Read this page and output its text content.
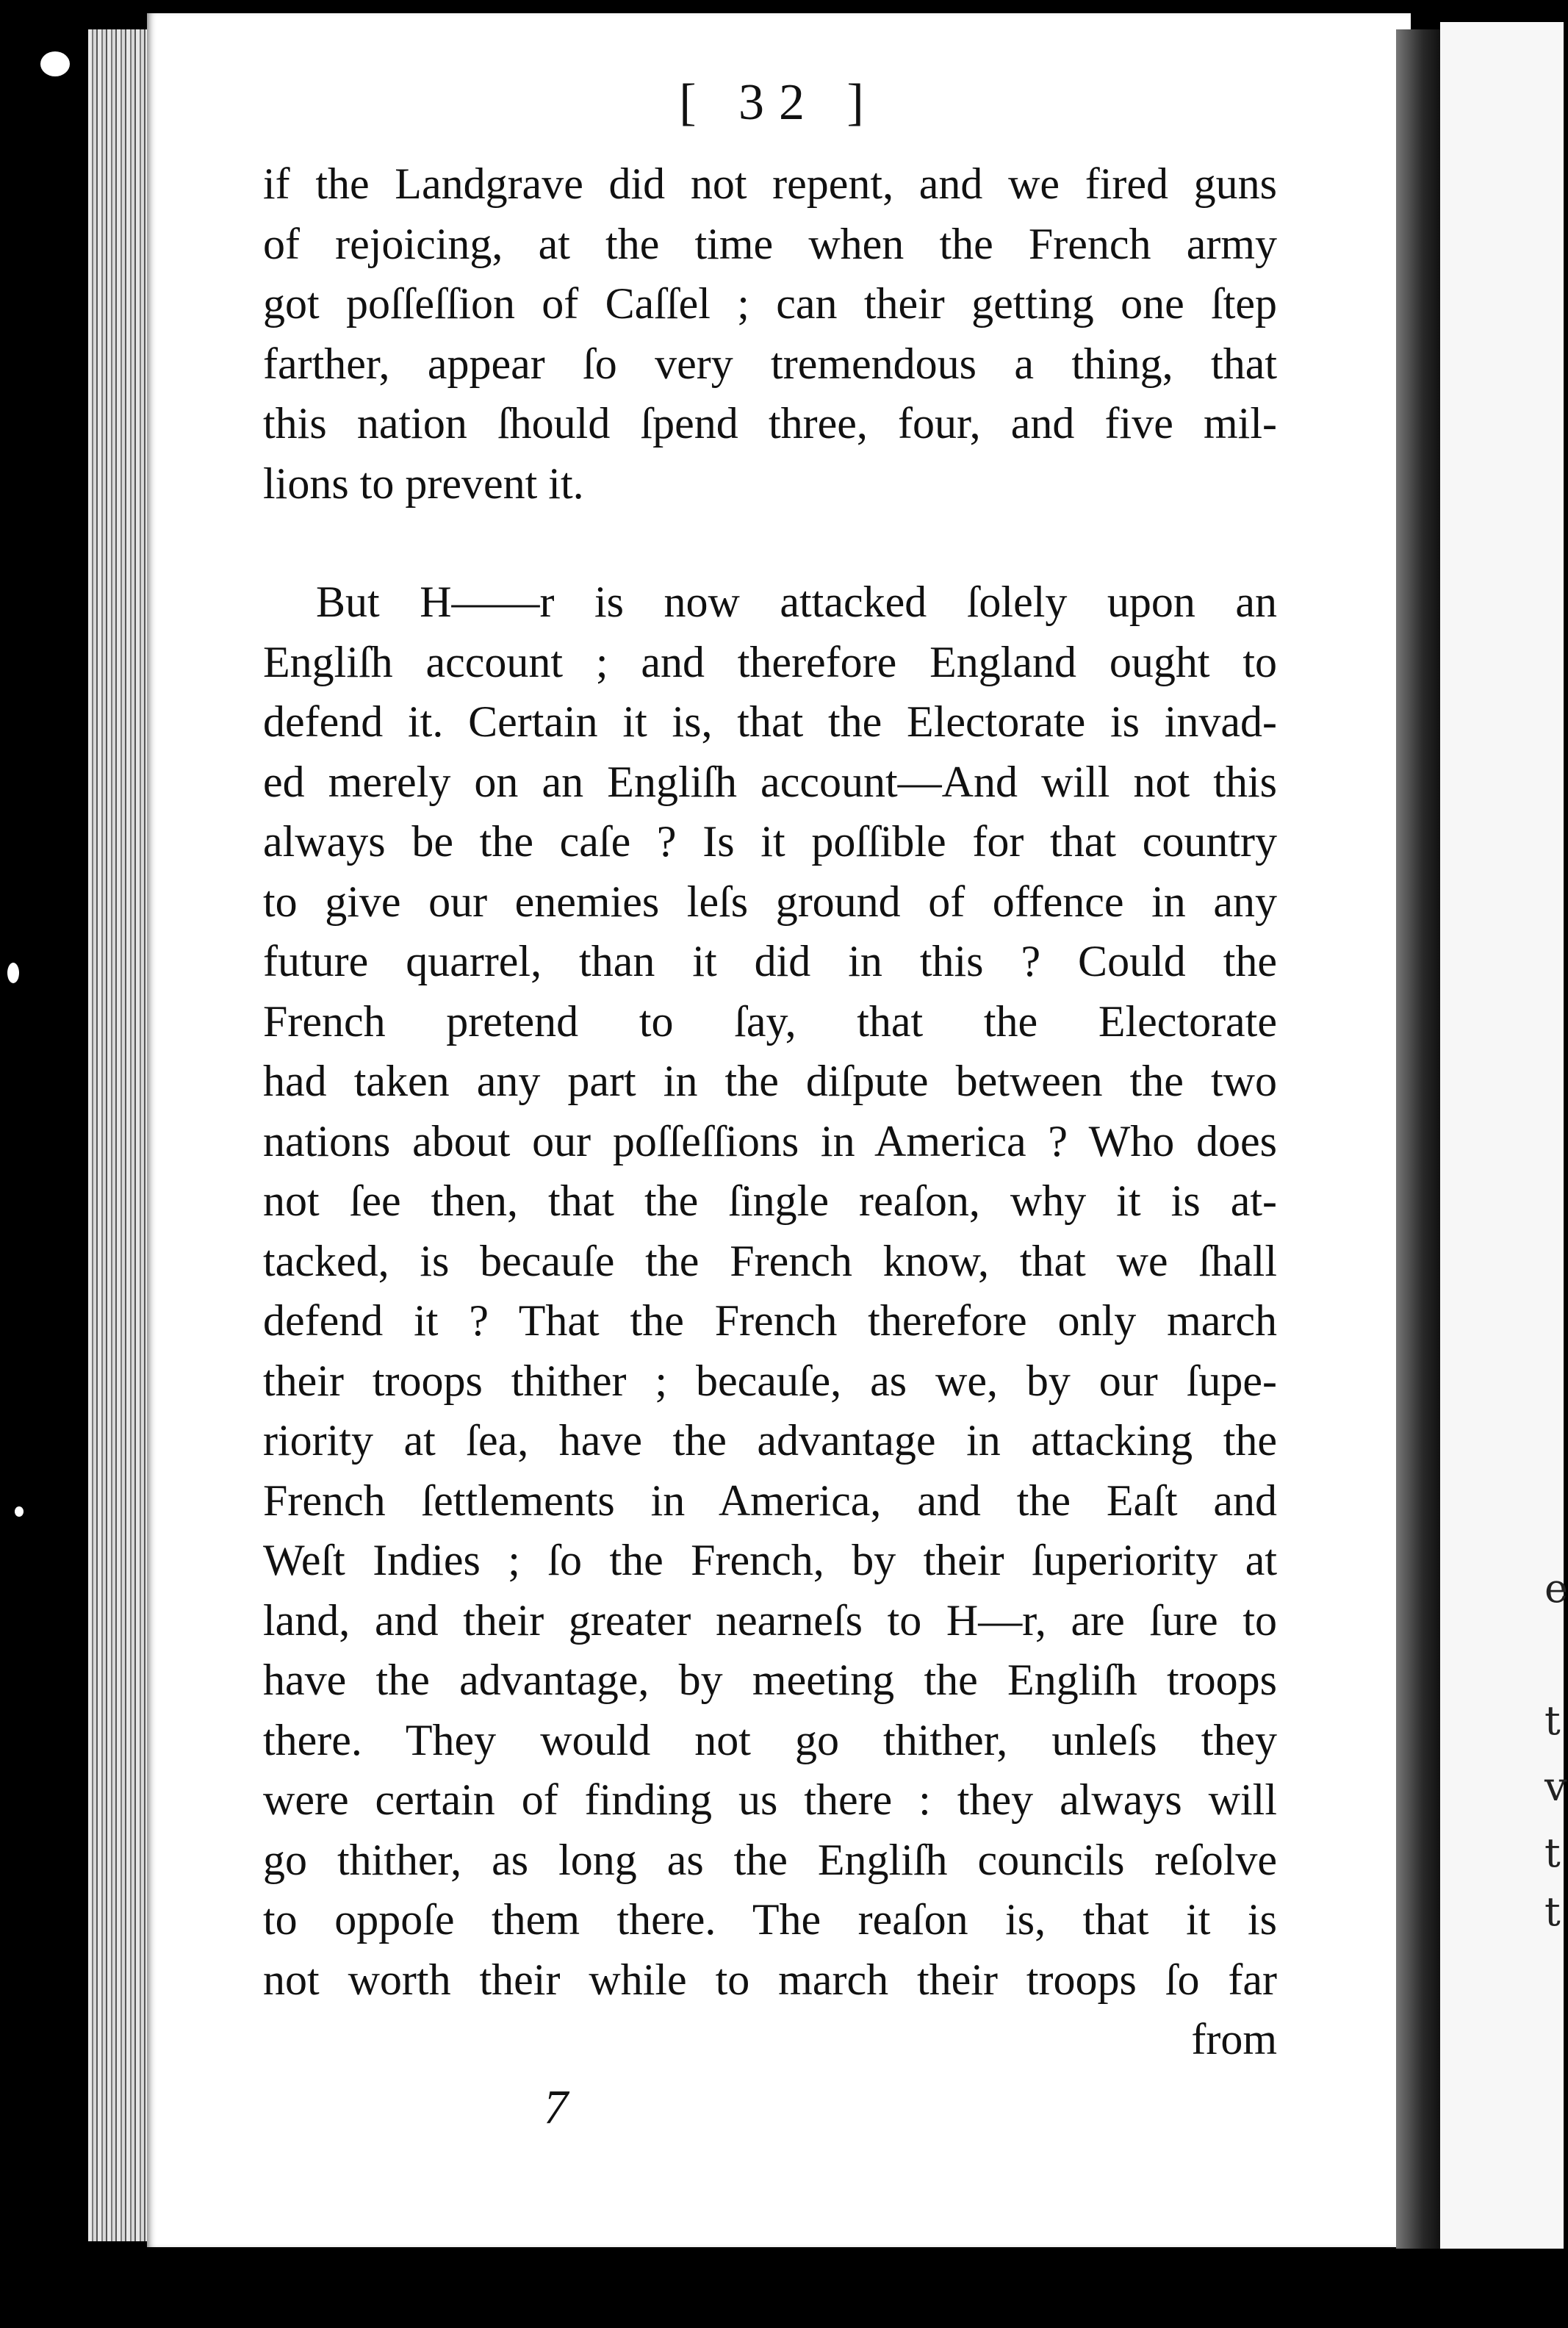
e
t
v
t
t
[ 32 ]
if the Landgrave did not repent, and we fired guns
of rejoicing, at the time when the French army
got poſſeſſion of Caſſel ; can their getting one ſtep
farther, appear ſo very tremendous a thing, that
this nation ſhould ſpend three, four, and five mil-
lions to prevent it.
But H——r is now attacked ſolely upon an
Engliſh account ; and therefore England ought to
defend it. Certain it is, that the Electorate is invad-
ed merely on an Engliſh account—And will not this
always be the caſe ? Is it poſſible for that country
to give our enemies leſs ground of offence in any
future quarrel, than it did in this ? Could the
French pretend to ſay, that the Electorate
had taken any part in the diſpute between the two
nations about our poſſeſſions in America ? Who does
not ſee then, that the ſingle reaſon, why it is at-
tacked, is becauſe the French know, that we ſhall
defend it ? That the French therefore only march
their troops thither ; becauſe, as we, by our ſupe-
riority at ſea, have the advantage in attacking the
French ſettlements in America, and the Eaſt and
Weſt Indies ; ſo the French, by their ſuperiority at
land, and their greater nearneſs to H—r, are ſure to
have the advantage, by meeting the Engliſh troops
there. They would not go thither, unleſs they
were certain of finding us there : they always will
go thither, as long as the Engliſh councils reſolve
to oppoſe them there. The reaſon is, that it is
not worth their while to march their troops ſo far
from
7
